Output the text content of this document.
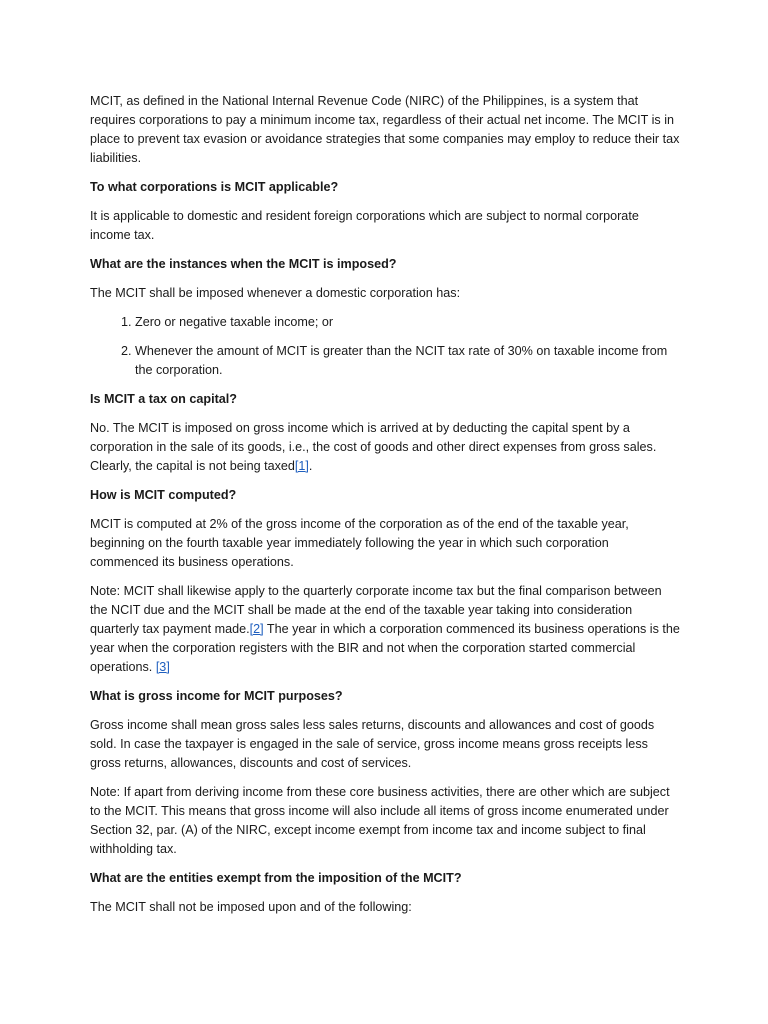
MCIT, as defined in the National Internal Revenue Code (NIRC) of the Philippines, is a system that requires corporations to pay a minimum income tax, regardless of their actual net income. The MCIT is in place to prevent tax evasion or avoidance strategies that some companies may employ to reduce their tax liabilities.

To what corporations is MCIT applicable?

It is applicable to domestic and resident foreign corporations which are subject to normal corporate income tax.

What are the instances when the MCIT is imposed?

The MCIT shall be imposed whenever a domestic corporation has:

1. Zero or negative taxable income; or
2. Whenever the amount of MCIT is greater than the NCIT tax rate of 30% on taxable income from the corporation.

Is MCIT a tax on capital?

No. The MCIT is imposed on gross income which is arrived at by deducting the capital spent by a corporation in the sale of its goods, i.e., the cost of goods and other direct expenses from gross sales. Clearly, the capital is not being taxed[1].

How is MCIT computed?

MCIT is computed at 2% of the gross income of the corporation as of the end of the taxable year, beginning on the fourth taxable year immediately following the year in which such corporation commenced its business operations.

Note: MCIT shall likewise apply to the quarterly corporate income tax but the final comparison between the NCIT due and the MCIT shall be made at the end of the taxable year taking into consideration quarterly tax payment made.[2] The year in which a corporation commenced its business operations is the year when the corporation registers with the BIR and not when the corporation started commercial operations. [3]

What is gross income for MCIT purposes?

Gross income shall mean gross sales less sales returns, discounts and allowances and cost of goods sold. In case the taxpayer is engaged in the sale of service, gross income means gross receipts less gross returns, allowances, discounts and cost of services.

Note: If apart from deriving income from these core business activities, there are other which are subject to the MCIT. This means that gross income will also include all items of gross income enumerated under Section 32, par. (A) of the NIRC, except income exempt from income tax and income subject to final withholding tax.

What are the entities exempt from the imposition of the MCIT?

The MCIT shall not be imposed upon and of the following:
